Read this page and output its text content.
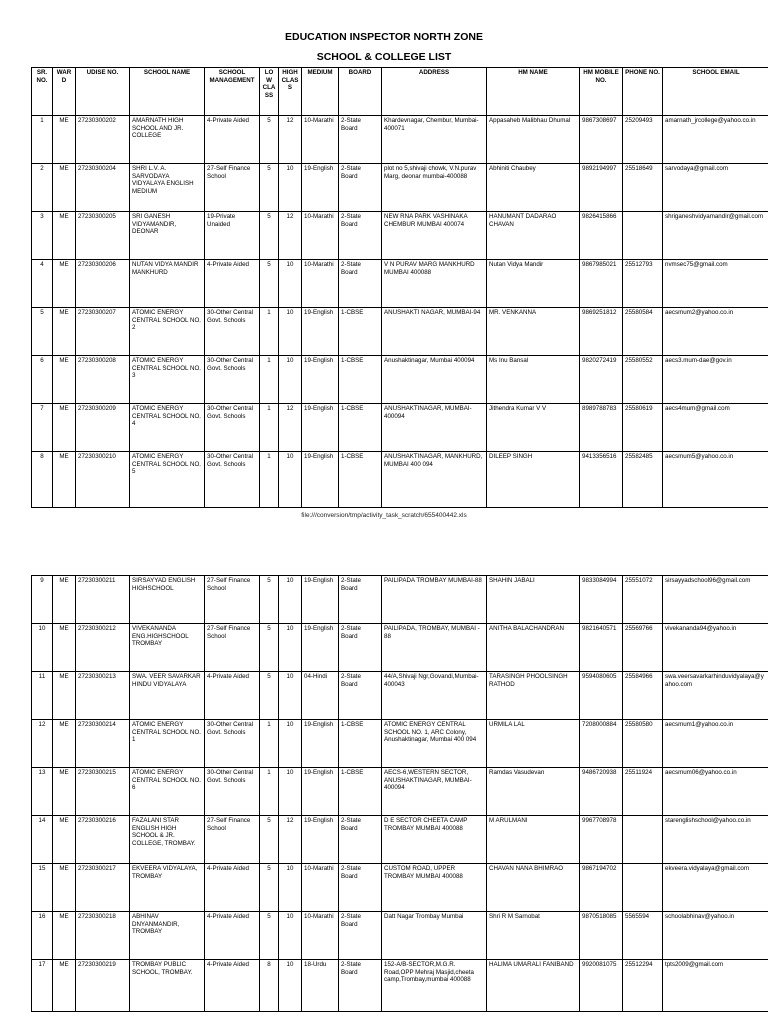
EDUCATION INSPECTOR NORTH ZONE
SCHOOL & COLLEGE LIST
SR. NO.	WAR D	UDISE NO.	SCHOOL NAME	SCHOOL MANAGEMENT	LO W CLA SS	HIGH CLAS S	MEDIUM	BOARD	ADDRESS	HM NAME	HM MOBILE NO.	PHONE NO.	SCHOOL EMAIL
1	ME	27230300202	AMARNATH HIGH SCHOOL AND JR. COLLEGE	4-Private Aided	5	12	10-Marathi	2-State Board	Khardevnagar, Chembur, Mumbai-400071	Appasaheb Malibhau Dhumal	9867308697	25209493	amarnath_jrcollege@yahoo.co.in
2	ME	27230300204	SHRI L.V. A. SARVODAYA VIDYALAYA ENGLISH MEDIUM	27-Self Finance School	5	10	19-English	2-State Board	plot no 5,shivaji chowk, V.N.purav Marg, deonar mumbai-400088	Abhiniti Chaubey	9892194997	25518649	sarvodaya@gmail.com
3	ME	27230300205	SRI GANESH VIDYAMANDIR, DEONAR	19-Private Unaided	5	12	10-Marathi	2-State Board	NEW RNA PARK VASHINAKA CHEMBUR MUMBAI 400074	HANUMANT DADARAO CHAVAN	9826415866		shriganeshvidyamandir@gmail.com
4	ME	27230300206	NUTAN VIDYA MANDIR MANKHURD	4-Private Aided	5	10	10-Marathi	2-State Board	V N PURAV MARG MANKHURD MUMBAI 400088	Nutan Vidya Mandir	9867985021	25512793	nvmsec75@gmail.com
5	ME	27230300207	ATOMIC ENERGY CENTRAL SCHOOL NO. 2	30-Other Central Govt. Schools	1	10	19-English	1-CBSE	ANUSHAKTI NAGAR, MUMBAI-94	MR. VENKANNA	9869251812	25580584	aecsmum2@yahoo.co.in
6	ME	27230300208	ATOMIC ENERGY CENTRAL SCHOOL NO. 3	30-Other Central Govt. Schools	1	10	19-English	1-CBSE	Anushaktinagar, Mumbai 400094	Ms Inu Bansal	9820272419	25580552	aecs3.mum-dae@gov.in
7	ME	27230300209	ATOMIC ENERGY CENTRAL SCHOOL NO. 4	30-Other Central Govt. Schools	1	12	19-English	1-CBSE	ANUSHAKTINAGAR, MUMBAI-400094	Jithendra Kumar V V	8989788783	25580619	aecs4mum@gmail.com
8	ME	27230300210	ATOMIC ENERGY CENTRAL SCHOOL NO. 5	30-Other Central Govt. Schools	1	10	19-English	1-CBSE	ANUSHAKTINAGAR, MANKHURD, MUMBAI 400 094	DILEEP SINGH	9413356516	25582485	aecsmum5@yahoo.co.in
file:///conversion/tmp/activity_task_scratch/655400442.xls
9	ME	27230300211	SIRSAYYAD ENGLISH HIGHSCHOOL	27-Self Finance School	5	10	19-English	2-State Board	PAILIPADA TROMBAY MUMBAI-88	SHAHIN JABALI	9833084994	25551072	sirsayyadschool96@gmail.com
10	ME	27230300212	VIVEKANANDA ENG.HIGHSCHOOL TROMBAY	27-Self Finance School	5	10	19-English	2-State Board	PAILIPADA, TROMBAY, MUMBAI - 88	ANITHA BALACHANDRAN	9821640571	25569766	vivekananda94@yahoo.in
11	ME	27230300213	SWA. VEER SAVARKAR HINDU VIDYALAYA	4-Private Aided	5	10	04-Hindi	2-State Board	44/A,Shivaji Ngr,Govandi,Mumbai-400043	TARASINGH PHOOLSINGH RATHOD	9594080605	25584966	swa.veersavarkarhinduvidyalaya@yahoo.com
12	ME	27230300214	ATOMIC ENERGY CENTRAL SCHOOL NO. 1	30-Other Central Govt. Schools	1	10	19-English	1-CBSE	ATOMIC ENERGY CENTRAL SCHOOL NO. 1, ARC Colony, Anushaktinagar, Mumbai 400 094	URMILA LAL	7208000884	25580580	aecsmum1@yahoo.co.in
13	ME	27230300215	ATOMIC ENERGY CENTRAL SCHOOL NO. 6	30-Other Central Govt. Schools	1	10	19-English	1-CBSE	AECS-6,WESTERN SECTOR, ANUSHAKTINAGAR, MUMBAI-400094	Ramdas Vasudevan	9486720938	25511924	aecsmum06@yahoo.co.in
14	ME	27230300216	FAZALANI STAR ENGLISH HIGH SCHOOL & JR. COLLEGE, TROMBAY.	27-Self Finance School	5	12	19-English	2-State Board	D E SECTOR CHEETA CAMP TROMBAY MUMBAI 400088	M ARULMANI	9967708978		starenglishschool@yahoo.co.in
15	ME	27230300217	EKVEERA VIDYALAYA, TROMBAY	4-Private Aided	5	10	10-Marathi	2-State Board	CUSTOM ROAD, UPPER TROMBAY MUMBAI 400088	CHAVAN NANA BHIMRAO	9867194702		ekveera.vidyalaya@gmail.com
16	ME	27230300218	ABHINAV DNYANMANDIR, TROMBAY	4-Private Aided	5	10	10-Marathi	2-State Board	Datt Nagar Trombay Mumbai	Shri R M Sarnobat	9870518085	5565594	schoolabhinav@yahoo.in
17	ME	27230300219	TROMBAY PUBLIC SCHOOL, TROMBAY.	4-Private Aided	8	10	18-Urdu	2-State Board	152-A/B-SECTOR,M.G.R. Road,OPP Mehraj Masjid,cheeta camp,Trombay,mumbai 400088	HALIMA UMARALI FANIBAND	9920081075	25512294	tpts2009@gmail.com
